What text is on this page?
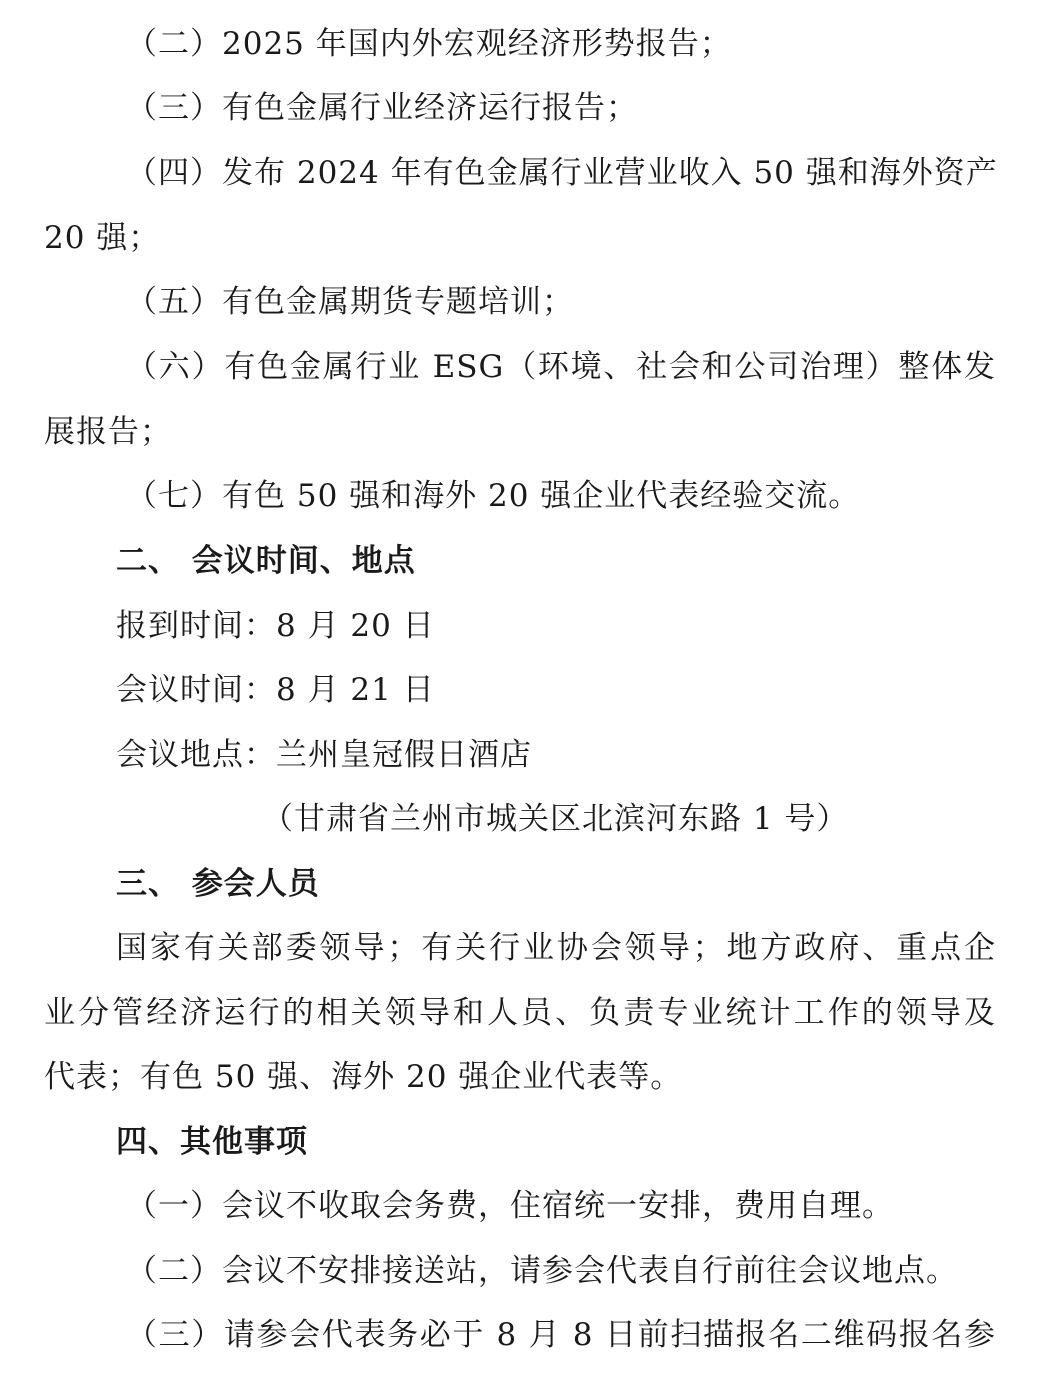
（二）2025 年国内外宏观经济形势报告；
（三）有色金属行业经济运行报告；
（四）发布 2024 年有色金属行业营业收入 50 强和海外资产
20 强；
（五）有色金属期货专题培训；
（六）有色金属行业 ESG（环境、社会和公司治理）整体发
展报告；
（七）有色 50 强和海外 20 强企业代表经验交流。
二、 会议时间、地点
报到时间：8 月 20 日
会议时间：8 月 21 日
会议地点：兰州皇冠假日酒店
（甘肃省兰州市城关区北滨河东路 1 号）
三、 参会人员
国家有关部委领导；有关行业协会领导；地方政府、重点企
业分管经济运行的相关领导和人员、负责专业统计工作的领导及
代表；有色 50 强、海外 20 强企业代表等。
四、其他事项
（一）会议不收取会务费，住宿统一安排，费用自理。
（二）会议不安排接送站，请参会代表自行前往会议地点。
（三）请参会代表务必于 8 月 8 日前扫描报名二维码报名参
